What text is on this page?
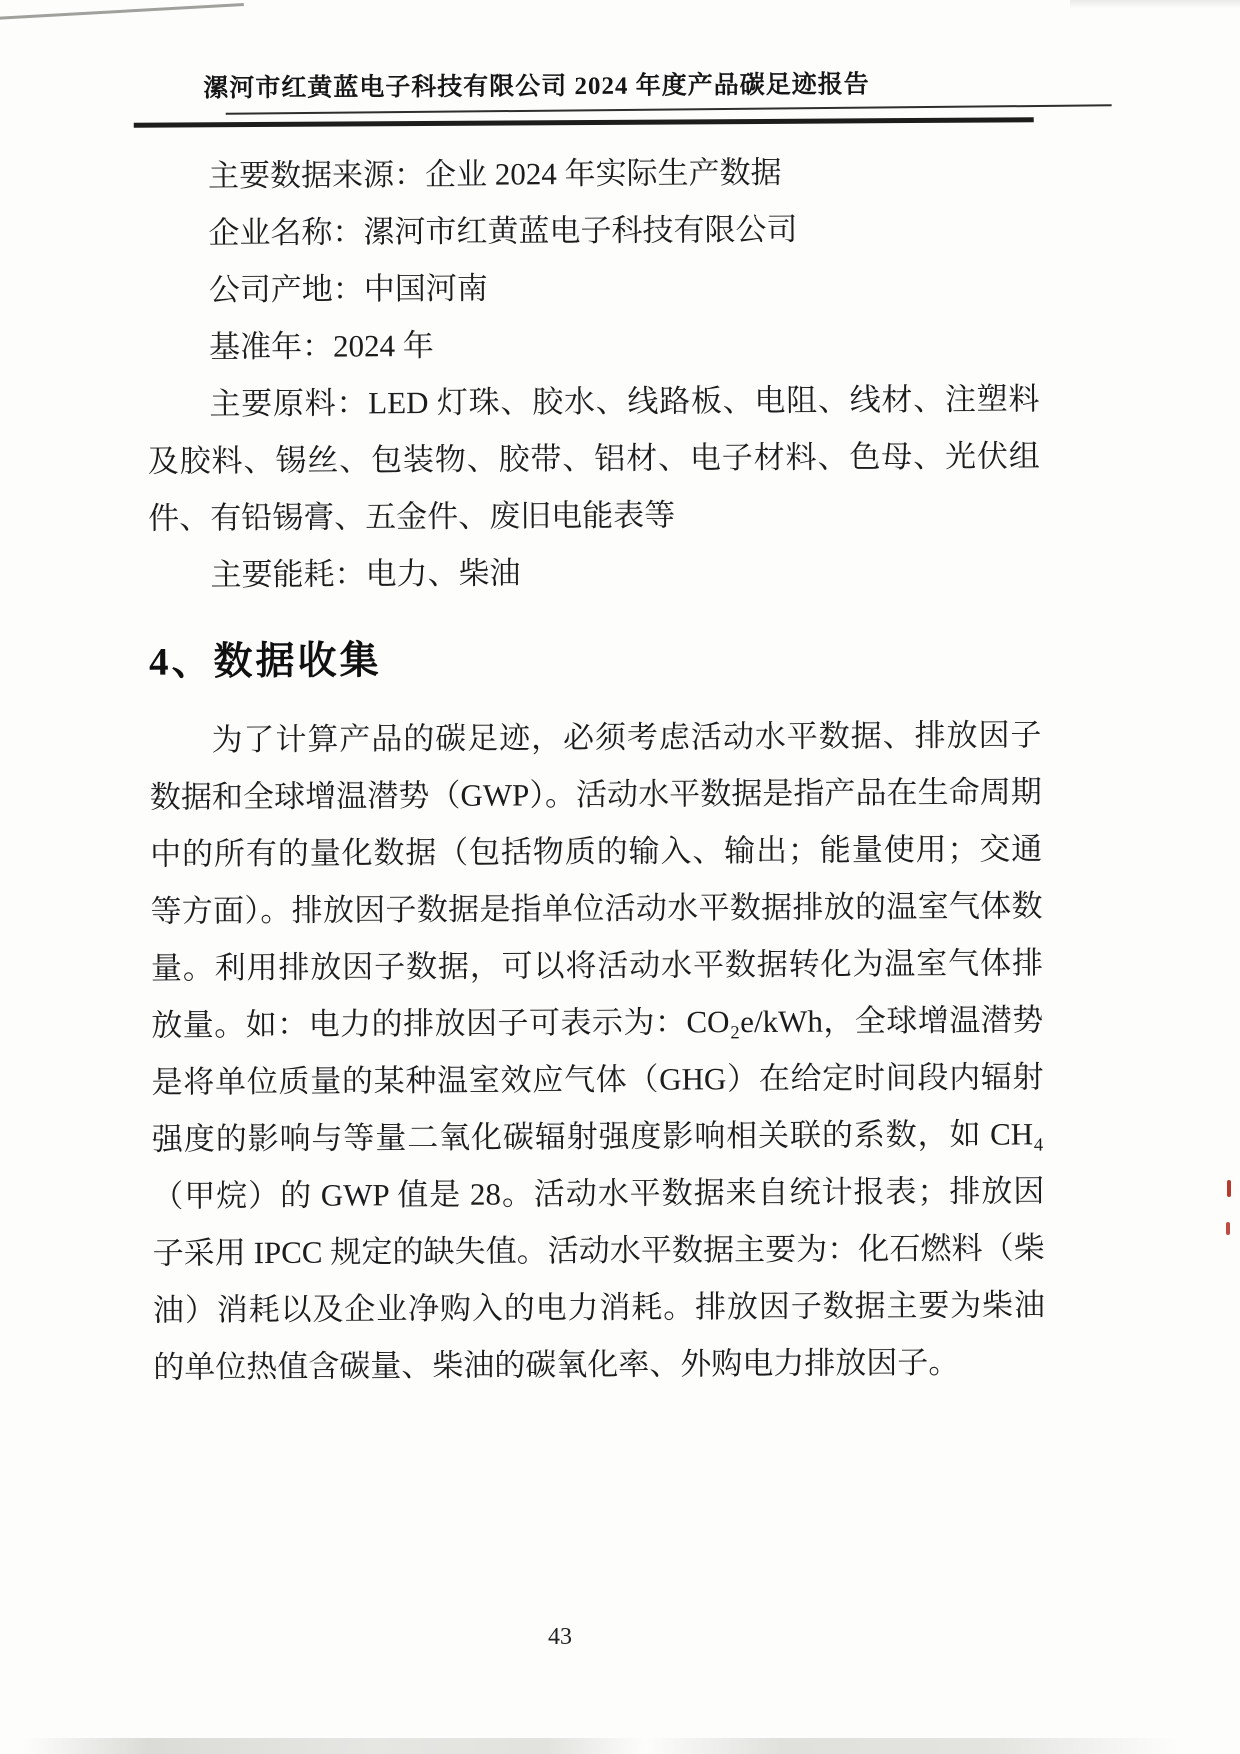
漯河市红黄蓝电子科技有限公司 2024 年度产品碳足迹报告

主要数据来源：企业 2024 年实际生产数据

企业名称：漯河市红黄蓝电子科技有限公司

公司产地：中国河南

基准年：2024 年

主要原料：LED 灯珠、胶水、线路板、电阻、线材、注塑料及胶料、锡丝、包装物、胶带、铝材、电子材料、色母、光伏组件、有铅锡膏、五金件、废旧电能表等

主要能耗：电力、柴油

4、数据收集

为了计算产品的碳足迹，必须考虑活动水平数据、排放因子数据和全球增温潜势（GWP）。活动水平数据是指产品在生命周期中的所有的量化数据（包括物质的输入、输出；能量使用；交通等方面）。排放因子数据是指单位活动水平数据排放的温室气体数量。利用排放因子数据，可以将活动水平数据转化为温室气体排放量。如：电力的排放因子可表示为：CO₂e/kWh，全球增温潜势是将单位质量的某种温室效应气体（GHG）在给定时间段内辐射强度的影响与等量二氧化碳辐射强度影响相关联的系数，如 CH₄（甲烷）的 GWP 值是 28。活动水平数据来自统计报表；排放因子采用 IPCC 规定的缺失值。活动水平数据主要为：化石燃料（柴油）消耗以及企业净购入的电力消耗。排放因子数据主要为柴油的单位热值含碳量、柴油的碳氧化率、外购电力排放因子。

43
